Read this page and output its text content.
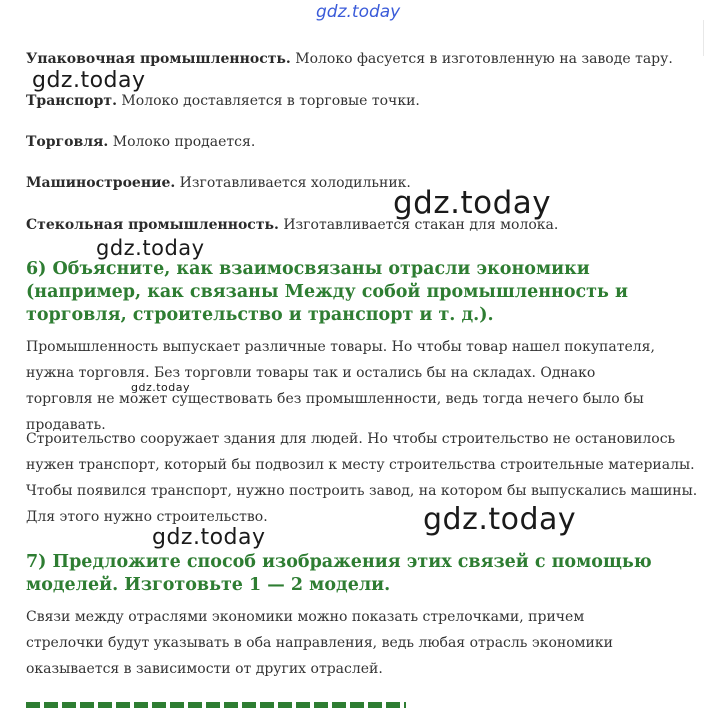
gdz.today

Упаковочная промышленность. Молоко фасуется в изготовленную на заводе тару.

Транспорт. Молоко доставляется в торговые точки.

Торговля. Молоко продается.

Машиностроение. Изготавливается холодильник.

Стекольная промышленность. Изготавливается стакан для молока.

6) Объясните, как взаимосвязаны отрасли экономики (например, как связаны Между собой промышленность и торговля, строительство и транспорт и т. д.).

Промышленность выпускает различные товары. Но чтобы товар нашел покупателя, нужна торговля. Без торговли товары так и остались бы на складах. Однако торговля не может существовать без промышленности, ведь тогда нечего было бы продавать.

Строительство сооружает здания для людей. Но чтобы строительство не остановилось нужен транспорт, который бы подвозил к месту строительства строительные материалы. Чтобы появился транспорт, нужно построить завод, на котором бы выпускались машины. Для этого нужно строительство.

7) Предложите способ изображения этих связей с помощью моделей. Изготовьте 1 — 2 модели.

Связи между отраслями экономики можно показать стрелочками, причем стрелочки будут указывать в оба направления, ведь любая отрасль экономики оказывается в зависимости от других отраслей.

gdz.today
gdz.today
gdz.today
gdz.today
gdz.today
gdz.today
